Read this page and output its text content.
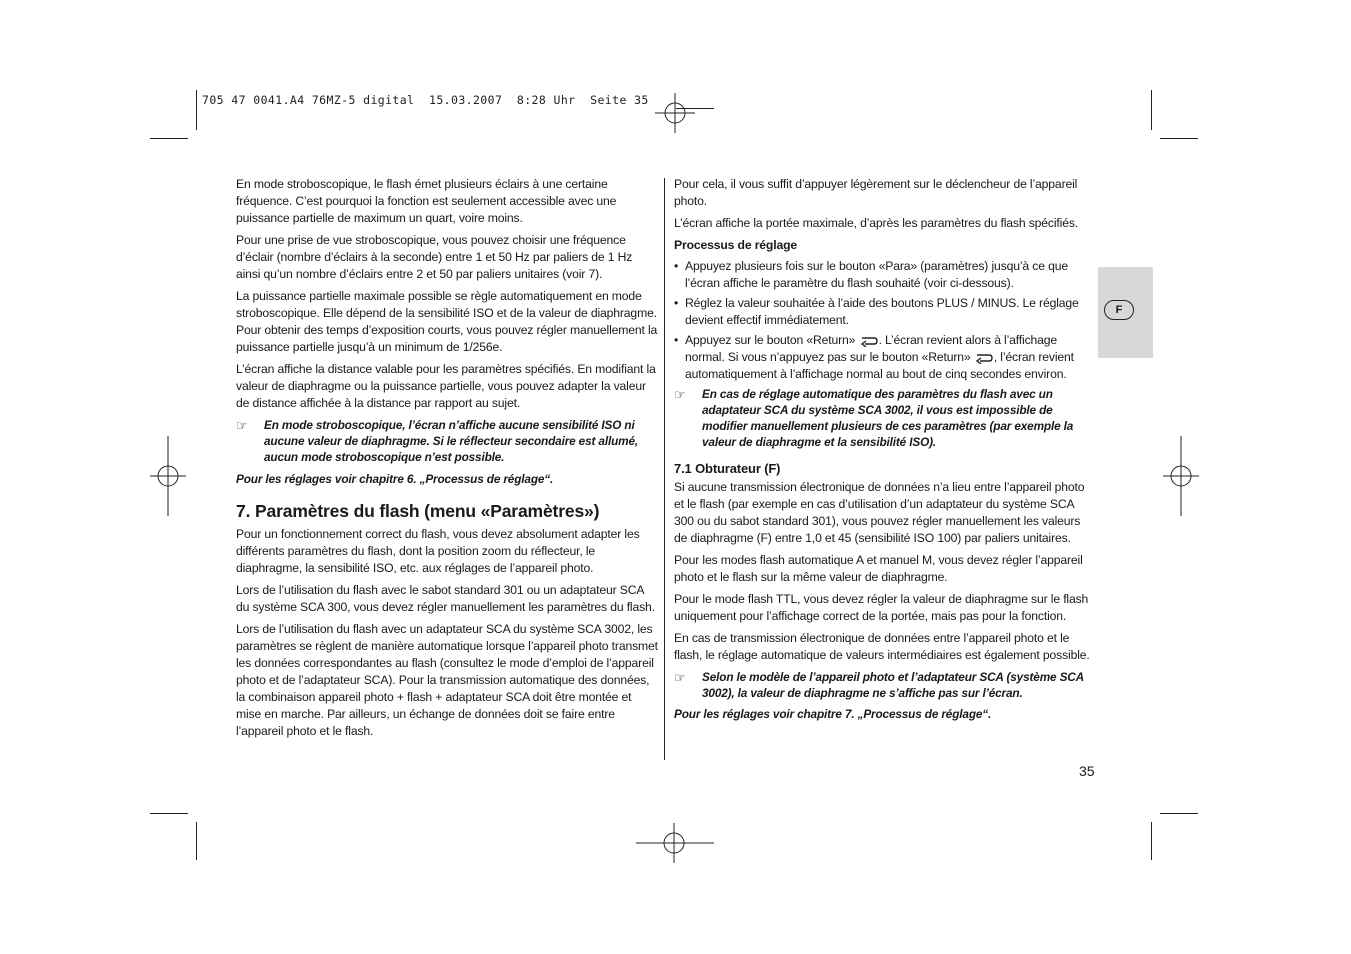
705 47 0041.A4 76MZ-5 digital  15.03.2007  8:28 Uhr  Seite 35

En mode stroboscopique, le flash émet plusieurs éclairs à une certaine fréquence. C’est pourquoi la fonction est seulement accessible avec une puissance partielle de maximum un quart, voire moins.

Pour une prise de vue stroboscopique, vous pouvez choisir une fréquence d’éclair (nombre d’éclairs à la seconde) entre 1 et 50 Hz par paliers de 1 Hz ainsi qu’un nombre d’éclairs entre 2 et 50 par paliers unitaires (voir 7).

La puissance partielle maximale possible se règle automatiquement en mode stroboscopique. Elle dépend de la sensibilité ISO et de la valeur de diaphragme. Pour obtenir des temps d’exposition courts, vous pouvez régler manuellement la puissance partielle jusqu’à un minimum de 1/256e.

L’écran affiche la distance valable pour les paramètres spécifiés. En modifiant la valeur de diaphragme ou la puissance partielle, vous pouvez adapter la valeur de distance affichée à la distance par rapport au sujet.

☞	En mode stroboscopique, l’écran n’affiche aucune sensibilité ISO ni aucune valeur de diaphragme. Si le réflecteur secondaire est allumé, aucun mode stroboscopique n’est possible.
Pour les réglages voir chapitre 6. „Processus de réglage“.
7. Paramètres du flash (menu «Paramètres»)

Pour un fonctionnement correct du flash, vous devez absolument adapter les différents paramètres du flash, dont la position zoom du réflecteur, le diaphragme, la sensibilité ISO, etc. aux réglages de l’appareil photo.

Lors de l’utilisation du flash avec le sabot standard 301 ou un adaptateur SCA du système SCA 300, vous devez régler manuellement les paramètres du flash.

Lors de l’utilisation du flash avec un adaptateur SCA du système SCA 3002, les paramètres se règlent de manière automatique lorsque l’appareil photo transmet les données correspondantes au flash (consultez le mode d’emploi de l’appareil photo et de l’adaptateur SCA). Pour la transmission automatique des données, la combinaison appareil photo + flash + adaptateur SCA doit être montée et mise en marche. Par ailleurs, un échange de données doit se faire entre l’appareil photo et le flash.

Pour cela, il vous suffit d’appuyer légèrement sur le déclencheur de l’appareil photo.

L’écran affiche la portée maximale, d’après les paramètres du flash spécifiés.

Processus de réglage
• Appuyez plusieurs fois sur le bouton «Para» (paramètres) jusqu’à ce que l’écran affiche le paramètre du flash souhaité (voir ci-dessous).
• Réglez la valeur souhaitée à l’aide des boutons PLUS / MINUS. Le réglage devient effectif immédiatement.
• Appuyez sur le bouton «Return» . L’écran revient alors à l’affichage normal. Si vous n’appuyez pas sur le bouton «Return» , l’écran revient automatiquement à l’affichage normal au bout de cinq secondes environ.
☞	En cas de réglage automatique des paramètres du flash avec un adaptateur SCA du système SCA 3002, il vous est impossible de modifier manuellement plusieurs de ces paramètres (par exemple la valeur de diaphragme et la sensibilité ISO).
7.1 Obturateur (F)

Si aucune transmission électronique de données n’a lieu entre l’appareil photo et le flash (par exemple en cas d’utilisation d’un adaptateur du système SCA 300 ou du sabot standard 301), vous pouvez régler manuellement les valeurs de diaphragme (F) entre 1,0 et 45 (sensibilité ISO 100) par paliers unitaires.

Pour les modes flash automatique A et manuel M, vous devez régler l’appareil photo et le flash sur la même valeur de diaphragme.

Pour le mode flash TTL, vous devez régler la valeur de diaphragme sur le flash uniquement pour l’affichage correct de la portée, mais pas pour la fonction.

En cas de transmission électronique de données entre l’appareil photo et le flash, le réglage automatique de valeurs intermédiaires est également possible.

☞	Selon le modèle de l’appareil photo et l’adaptateur SCA (système SCA 3002), la valeur de diaphragme ne s’affiche pas sur l’écran.
Pour les réglages voir chapitre 7. „Processus de réglage“.
F
35
